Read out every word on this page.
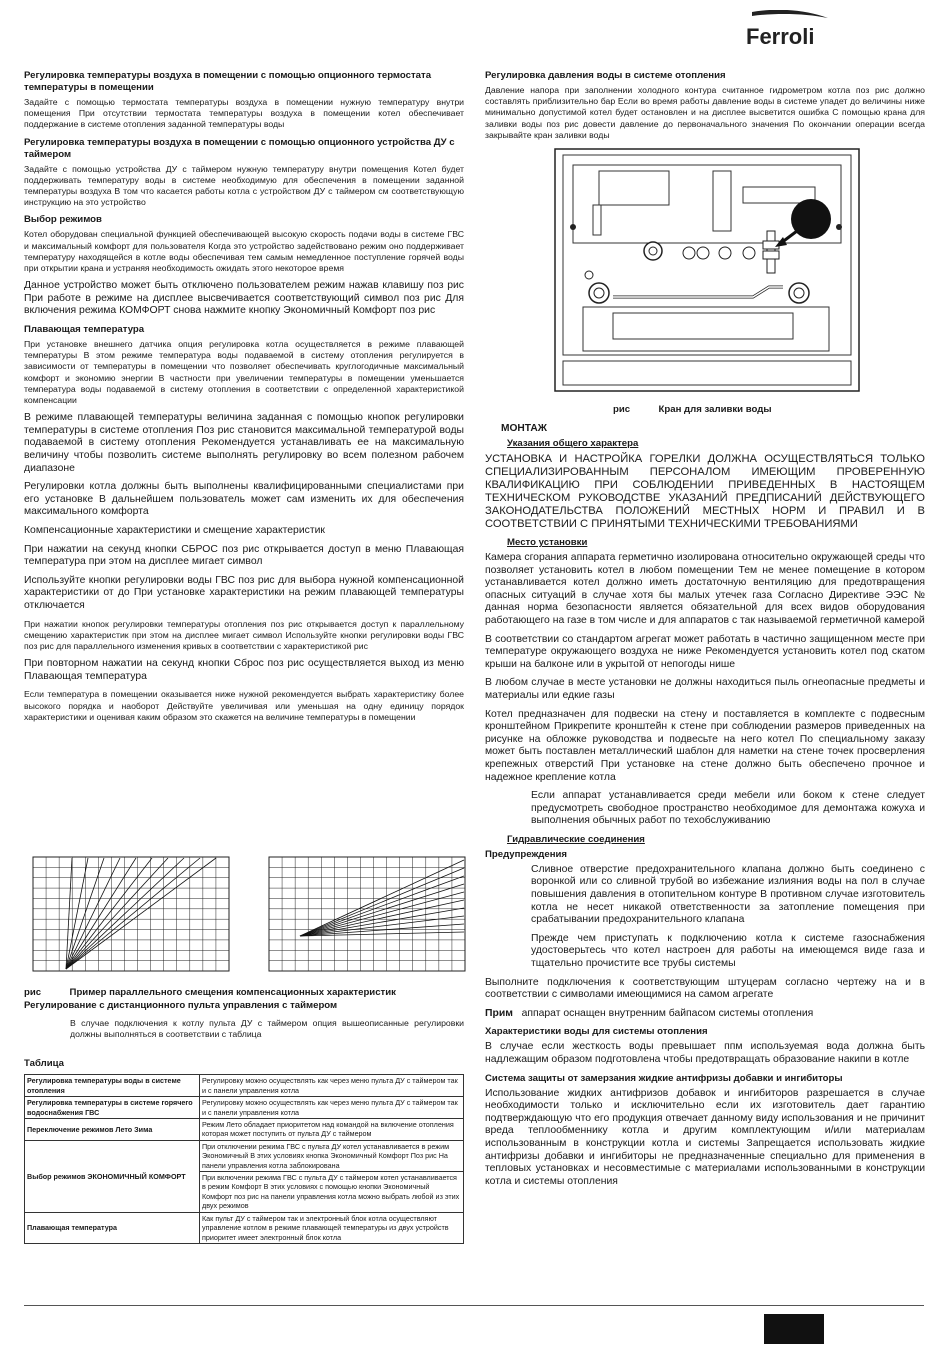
Ferroli
Регулировка температуры воздуха в помещении с помощью опционного термостата температуры в помещении

Задайте с помощью термостата температуры воздуха в помещении нужную температуру внутри помещения При отсутствии термостата температуры воздуха в помещении котел обеспечивает поддержание в системе отопления заданной температуры воды

Регулировка температуры воздуха в помещении с помощью опционного устройства ДУ с таймером

Задайте с помощью устройства ДУ с таймером нужную температуру внутри помещения Котел будет поддерживать температуру воды в системе необходимую для обеспечения в помещении заданной температуры воздуха В том что касается работы котла с устройством ДУ с таймером см соответствующую инструкцию на это устройство

Выбор режимов

Котел оборудован специальной функцией обеспечивающей высокую скорость подачи воды в системе ГВС и максимальный комфорт для пользователя Когда это устройство задействовано режим оно поддерживает температуру находящейся в котле воды обеспечивая тем самым немедленное поступление горячей воды при открытии крана и устраняя необходимость ожидать этого некоторое время

Данное устройство может быть отключено пользователем режим нажав клавишу поз рис При работе в режиме на дисплее высвечивается соответствующий символ поз рис Для включения режима КОМФОРТ снова нажмите кнопку Экономичный Комфорт поз рис

Плавающая температура

При установке внешнего датчика опция регулировка котла осуществляется в режиме плавающей температуры В этом режиме температура воды подаваемой в систему отопления регулируется в зависимости от температуры в помещении что позволяет обеспечивать круглогодичные максимальный комфорт и экономию энергии В частности при увеличении температуры в помещении уменьшается температура воды подаваемой в систему отопления в соответствии с определенной характеристикой компенсации

В режиме плавающей температуры величина заданная с помощью кнопок регулировки температуры в системе отопления Поз рис становится максимальной температурой воды подаваемой в систему отопления Рекомендуется устанавливать ее на максимальную величину чтобы позволить системе выполнять регулировку во всем полезном рабочем диапазоне

Регулировки котла должны быть выполнены квалифицированными специалистами при его установке В дальнейшем пользователь может сам изменить их для обеспечения максимального комфорта

Компенсационные характеристики и смещение характеристик

При нажатии на секунд кнопки СБРОС поз рис открывается доступ в меню Плавающая температура при этом на дисплее мигает символ

Используйте кнопки регулировки воды ГВС поз рис для выбора нужной компенсационной характеристики от до При установке характеристики на режим плавающей температуры отключается

При нажатии кнопок регулировки температуры отопления поз рис открывается доступ к параллельному смещению характеристик при этом на дисплее мигает символ Используйте кнопки регулировки воды ГВС поз рис для параллельного изменения кривых в соответствии с характеристикой рис

При повторном нажатии на секунд кнопки Сброс поз рис осуществляется выход из меню Плавающая температура

Если температура в помещении оказывается ниже нужной рекомендуется выбрать характеристику более высокого порядка и наоборот Действуйте увеличивая или уменьшая на одну единицу порядок характеристики и оценивая каким образом это скажется на величине температуры в помещении

рис	Пример параллельного смещения компенсационных характеристик
Регулирование с дистанционного пульта управления с таймером

В случае подключения к котлу пульта ДУ с таймером опция вышеописанные регулировки должны выполняться в соответствии с таблица

Таблица
Регулировка температуры воды в системе отопления	Регулировку можно осуществлять как через меню пульта ДУ с таймером так и с панели управления котла
Регулировка температуры в системе горячего водоснабжения ГВС	Регулировку можно осуществлять как через меню пульта ДУ с таймером так и с панели управления котла
Переключение режимов Лето Зима	Режим Лето обладает приоритетом над командой на включение отопления которая может поступить от пульта ДУ с таймером
Выбор режимов ЭКОНОМИЧНЫЙ КОМФОРТ	При отключении режима ГВС с пульта ДУ котел устанавливается в режим Экономичный В этих условиях кнопка Экономичный Комфорт Поз рис На панели управления котла заблокирована
	При включении режима ГВС с пульта ДУ с таймером котел устанавливается в режим Комфорт В этих условиях с помощью кнопки Экономичный Комфорт поз рис на панели управления котла можно выбрать любой из этих двух режимов
Плавающая температура	Как пульт ДУ с таймером так и электронный блок котла осуществляют управление котлом в режиме плавающей температуры из двух устройств приоритет имеет электронный блок котла
Регулировка давления воды в системе отопления

Давление напора при заполнении холодного контура считанное гидрометром котла поз рис должно составлять приблизительно бар Если во время работы давление воды в системе упадет до величины ниже минимально допустимой котел будет остановлен и на дисплее высветится ошибка С помощью крана для заливки воды поз рис довести давление до первоначального значения По окончании операции всегда закрывайте кран заливки воды

рис	Кран для заливки воды
МОНТАЖ
Указания общего характера

УСТАНОВКА И НАСТРОЙКА ГОРЕЛКИ ДОЛЖНА ОСУЩЕСТВЛЯТЬСЯ ТОЛЬКО СПЕЦИАЛИЗИРОВАННЫМ ПЕРСОНАЛОМ ИМЕЮЩИМ ПРОВЕРЕННУЮ КВАЛИФИКАЦИЮ ПРИ СОБЛЮДЕНИИ ПРИВЕДЕННЫХ В НАСТОЯЩЕМ ТЕХНИЧЕСКОМ РУКОВОДСТВЕ УКАЗАНИЙ ПРЕДПИСАНИЙ ДЕЙСТВУЮЩЕГО ЗАКОНОДАТЕЛЬСТВА ПОЛОЖЕНИЙ МЕСТНЫХ НОРМ И ПРАВИЛ И В СООТВЕТСТВИИ С ПРИНЯТЫМИ ТЕХНИЧЕСКИМИ ТРЕБОВАНИЯМИ

Место установки

Камера сгорания аппарата герметично изолирована относительно окружающей среды что позволяет установить котел в любом помещении Тем не менее помещение в котором устанавливается котел должно иметь достаточную вентиляцию для предотвращения опасных ситуаций в случае хотя бы малых утечек газа Согласно Директиве ЭЭС № данная норма безопасности является обязательной для всех видов оборудования работающего на газе в том числе и для аппаратов с так называемой герметичной камерой

В соответствии со стандартом агрегат может работать в частично защищенном месте при температуре окружающего воздуха не ниже Рекомендуется установить котел под скатом крыши на балконе или в укрытой от непогоды нише

В любом случае в месте установки не должны находиться пыль огнеопасные предметы и материалы или едкие газы

Котел предназначен для подвески на стену и поставляется в комплекте с подвесным кронштейном Прикрепите кронштейн к стене при соблюдении размеров приведенных на рисунке на обложке руководства и подвесьте на него котел По специальному заказу может быть поставлен металлический шаблон для наметки на стене точек просверления крепежных отверстий При установке на стене должно быть обеспечено прочное и надежное крепление котла

Если аппарат устанавливается среди мебели или боком к стене следует предусмотреть свободное пространство необходимое для демонтажа кожуха и выполнения обычных работ по техобслуживанию

Гидравлические соединения
Предупреждения

Сливное отверстие предохранительного клапана должно быть соединено с воронкой или со сливной трубой во избежание излияния воды на пол в случае повышения давления в отопительном контуре В противном случае изготовитель котла не несет никакой ответственности за затопление помещения при срабатывании предохранительного клапана

Прежде чем приступать к подключению котла к системе газоснабжения удостоверьтесь что котел настроен для работы на имеющемся виде газа и тщательно прочистите все трубы системы

Выполните подключения к соответствующим штуцерам согласно чертежу на и в соответствии с символами имеющимися на самом агрегате

Прим аппарат оснащен внутренним байпасом системы отопления

Характеристики воды для системы отопления

В случае если жесткость воды превышает ппм используемая вода должна быть надлежащим образом подготовлена чтобы предотвращать образование накипи в котле

Система защиты от замерзания жидкие антифризы добавки и ингибиторы

Использование жидких антифризов добавок и ингибиторов разрешается в случае необходимости только и исключительно если их изготовитель дает гарантию подтверждающую что его продукция отвечает данному виду использования и не причинит вреда теплообменнику котла и другим комплектующим и/или материалам использованным в конструкции котла и системы Запрещается использовать жидкие антифризы добавки и ингибиторы не предназначенные специально для применения в тепловых установках и несовместимые с материалами использованными в конструкции котла и системы отопления
